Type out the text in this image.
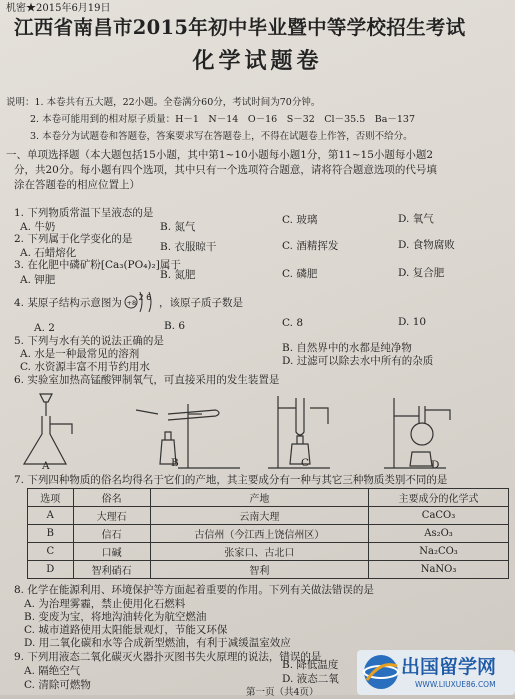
机密★2015年6月19日
江西省南昌市2015年初中毕业暨中等学校招生考试
化学试题卷
说明：1. 本卷共有五大题，22小题。全卷满分60分，考试时间为70分钟。
2. 本卷可能用到的相对原子质量：H－1　N－14　O－16　S－32　Cl－35.5　Ba－137
3. 本卷分为试题卷和答题卷，答案要求写在答题卷上，不得在试题卷上作答，否则不给分。
一、单项选择题（本大题包括15小题，其中第1~10小题每小题1分，第11~15小题每小题2
分，共20分。每小题有四个选项，其中只有一个选项符合题意，请将符合题意选项的代号填
涂在答题卷的相应位置上）
1. 下列物质常温下呈液态的是
A. 牛奶	B. 氮气
C. 玻璃	D. 氧气
2. 下列属于化学变化的是
A. 石蜡熔化	B. 衣服晾干	C. 酒精挥发	D. 食物腐败
3. 在化肥中磷矿粉[Ca₃(PO₄)₂]属于
A. 钾肥	B. 氮肥	C. 磷肥	D. 复合肥
4. 某原子结构示意图为 +8
2 6 ，该原子质子数是
A. 2	B. 6	C. 8	D. 10
5. 下列与水有关的说法正确的是
A. 水是一种最常见的溶剂	B. 自然界中的水都是纯净物
C. 水资源丰富不用节约用水	D. 过滤可以除去水中所有的杂质
6. 实验室加热高锰酸钾制氧气，可直接采用的发生装置是
A	B	C	D
7. 下列四种物质的俗名均得名于它们的产地，其主要成分有一种与其它三种物质类别不同的是
选项	俗名	产地	主要成分的化学式
A	大理石	云南大理	CaCO₃
B	信石	古信州（今江西上饶信州区）	As₂O₃
C	口碱	张家口、古北口	Na₂CO₃
D	智利硝石	智利	NaNO₃
8. 化学在能源利用、环境保护等方面起着重要的作用。下列有关做法错误的是
A. 为治理雾霾，禁止使用化石燃料
B. 变废为宝，将地沟油转化为航空燃油
C. 城市道路使用太阳能景观灯，节能又环保
D. 用二氧化碳和水等合成新型燃油，有利于减缓温室效应
9. 下列用液态二氧化碳灭火器扑灭图书失火原理的说法，错误的是
A. 隔绝空气	B. 降低温度
C. 清除可燃物	D. 液态二氧
第一页（共4页）
出国留学网
WWW.LIUXUE86.COM
